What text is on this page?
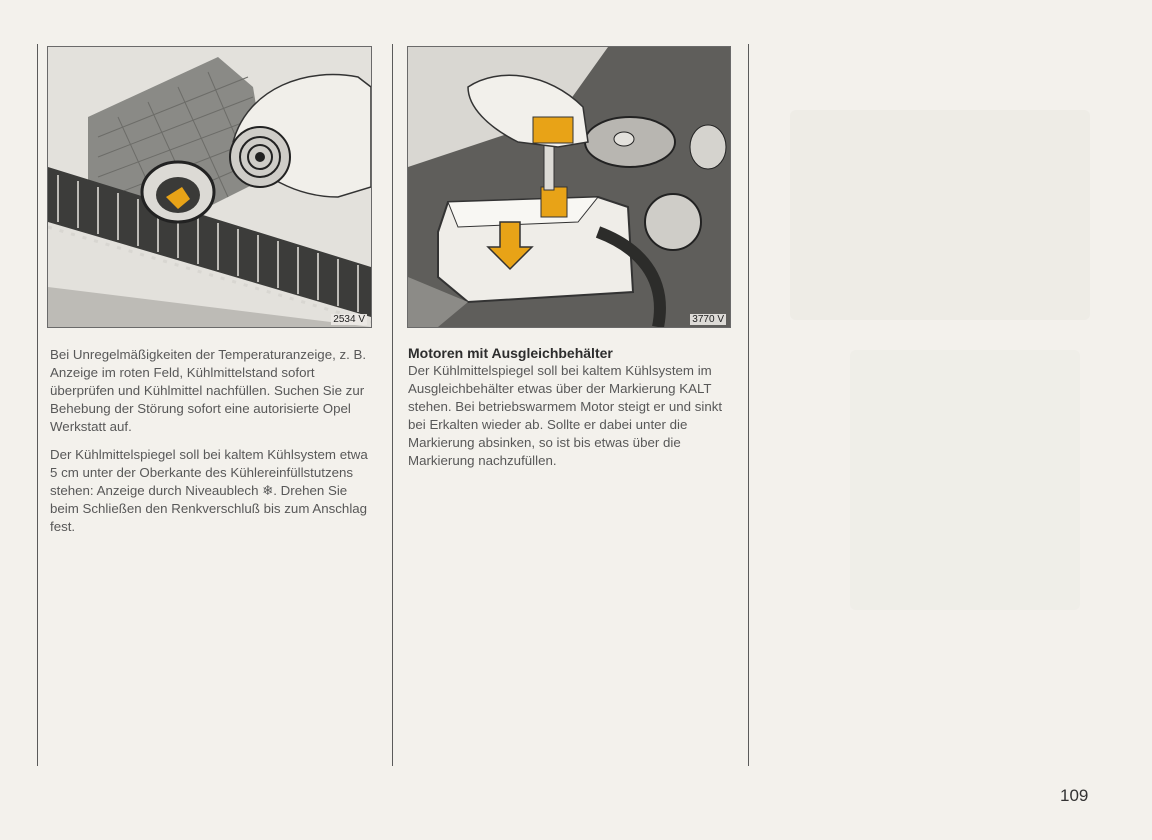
2534 V	3770 V

Bei Unregelmäßigkeiten der Temperaturanzeige, z. B. Anzeige im roten Feld, Kühlmittelstand sofort überprüfen und Kühlmittel nachfüllen. Suchen Sie zur Behebung der Störung sofort eine autorisierte Opel Werkstatt auf.

Der Kühlmittelspiegel soll bei kaltem Kühlsystem etwa 5 cm unter der Oberkante des Kühlereinfüllstutzens stehen: Anzeige durch Niveaublech ❄. Drehen Sie beim Schließen den Renkverschluß bis zum Anschlag fest.

Motoren mit Ausgleichbehälter

Der Kühlmittelspiegel soll bei kaltem Kühlsystem im Ausgleichbehälter etwas über der Markierung KALT stehen. Bei betriebswarmem Motor steigt er und sinkt bei Erkalten wieder ab. Sollte er dabei unter die Markierung absinken, so ist bis etwas über die Markierung nachzufüllen.

109
